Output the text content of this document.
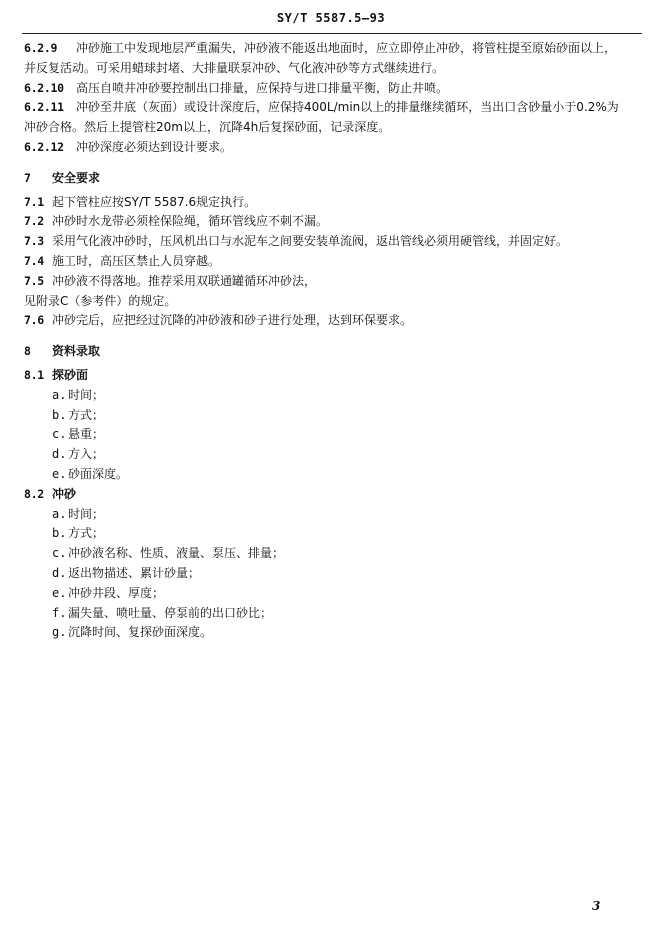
SY/T 5587.5—93
6.2.9 冲砂施工中发现地层严重漏失，冲砂液不能返出地面时，应立即停止冲砂，将管柱提至原始砂面以上，并反复活动。可采用蜡球封堵、大排量联泵冲砂、气化液冲砂等方式继续进行。
6.2.10 高压自喷井冲砂要控制出口排量，应保持与进口排量平衡，防止井喷。
6.2.11 冲砂至井底（灰面）或设计深度后，应保持400L/min以上的排量继续循环，当出口含砂量小于0.2%为冲砂合格。然后上提管柱20m以上，沉降4h后复探砂面，记录深度。
6.2.12 冲砂深度必须达到设计要求。
7 安全要求
7.1 起下管柱应按SY/T 5587.6规定执行。
7.2 冲砂时水龙带必须栓保险绳，循环管线应不刺不漏。
7.3 采用气化液冲砂时，压风机出口与水泥车之间要安装单流阀，返出管线必须用硬管线，并固定好。
7.4 施工时，高压区禁止人员穿越。
7.5 冲砂液不得落地。推荐采用双联通罐循环冲砂法，
见附录C（参考件）的规定。
7.6 冲砂完后，应把经过沉降的冲砂液和砂子进行处理，达到环保要求。
8 资料录取
8.1 探砂面
a. 时间；
b. 方式；
c. 悬重；
d. 方入；
e. 砂面深度。
8.2 冲砂
a. 时间；
b. 方式；
c. 冲砂液名称、性质、液量、泵压、排量；
d. 返出物描述、累计砂量；
e. 冲砂井段、厚度；
f. 漏失量、喷吐量、停泵前的出口砂比；
g. 沉降时间、复探砂面深度。
3
